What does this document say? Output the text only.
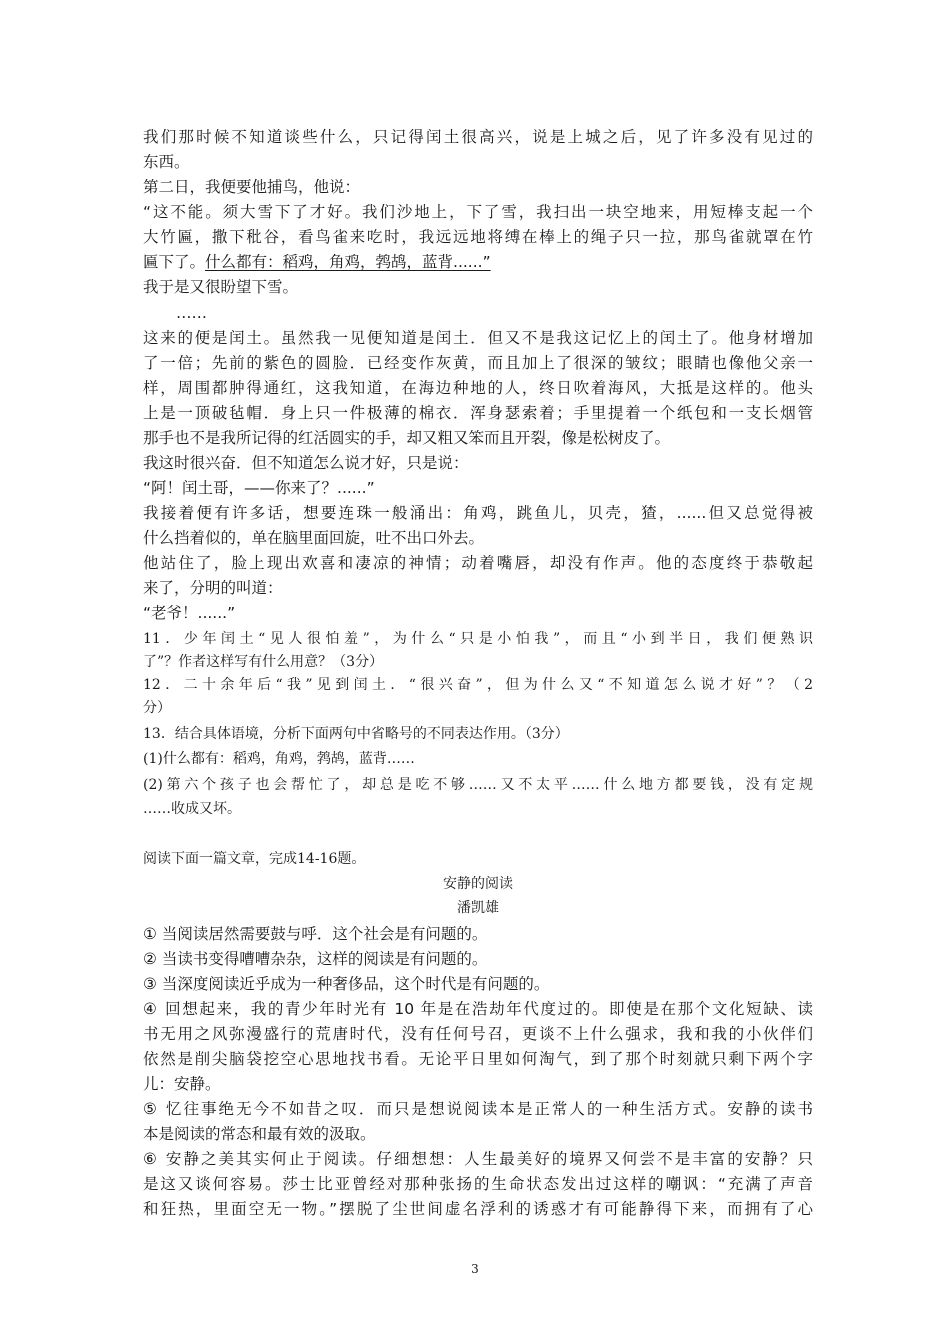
我们那时候不知道谈些什么，只记得闰土很高兴，说是上城之后，见了许多没有见过的
东西。
第二日，我便要他捕鸟，他说：
“这不能。须大雪下了才好。我们沙地上，下了雪，我扫出一块空地来，用短棒支起一个
大竹匾，撒下秕谷，看鸟雀来吃时，我远远地将缚在棒上的绳子只一拉，那鸟雀就罩在竹
匾下了。什么都有：稻鸡，角鸡，鹁鸪，蓝背......”
我于是又很盼望下雪。
……
这来的便是闰土。虽然我一见便知道是闰土．但又不是我这记忆上的闰土了。他身材增加
了一倍；先前的紫色的圆脸．已经变作灰黄，而且加上了很深的皱纹；眼睛也像他父亲一
样，周围都肿得通红，这我知道，在海边种地的人，终日吹着海风，大抵是这样的。他头
上是一顶破毡帽．身上只一件极薄的棉衣．浑身瑟索着；手里提着一个纸包和一支长烟管
那手也不是我所记得的红活圆实的手，却又粗又笨而且开裂，像是松树皮了。
我这时很兴奋．但不知道怎么说才好，只是说：
“阿！闰土哥，——你来了？......”
我接着便有许多话，想要连珠一般涌出：角鸡，跳鱼儿，贝壳，猹，......但又总觉得被
什么挡着似的，单在脑里面回旋，吐不出口外去。
他站住了，脸上现出欢喜和凄凉的神情；动着嘴唇，却没有作声。他的态度终于恭敬起
来了，分明的叫道：
“老爷！......”
11．少年闰土“见人很怕羞”，为什么“只是小怕我”，而且“小到半日，我们便熟识
了”？作者这样写有什么用意？（3分）
12．二十余年后“我”见到闰土．“很兴奋”，但为什么又“不知道怎么说才好”？（2
分）
13．结合具体语境，分析下面两句中省略号的不同表达作用。（3分）
(1)什么都有：稻鸡，角鸡，鹁鸪，蓝背……
(2)第六个孩子也会帮忙了，却总是吃不够……又不太平……什么地方都要钱，没有定规
……收成又坏。
阅读下面一篇文章，完成14-16题。
安静的阅读
潘凯雄
① 当阅读居然需要鼓与呼．这个社会是有问题的。
② 当读书变得嘈嘈杂杂，这样的阅读是有问题的。
③ 当深度阅读近乎成为一种奢侈品，这个时代是有问题的。
④ 回想起来，我的青少年时光有 10 年是在浩劫年代度过的。即使是在那个文化短缺、读
书无用之风弥漫盛行的荒唐时代，没有任何号召，更谈不上什么强求，我和我的小伙伴们
依然是削尖脑袋挖空心思地找书看。无论平日里如何淘气，到了那个时刻就只剩下两个字
儿：安静。
⑤ 忆往事绝无今不如昔之叹．而只是想说阅读本是正常人的一种生活方式。安静的读书
本是阅读的常态和最有效的汲取。
⑥ 安静之美其实何止于阅读。仔细想想：人生最美好的境界又何尝不是丰富的安静？只
是这又谈何容易。莎士比亚曾经对那种张扬的生命状态发出过这样的嘲讽：“充满了声音
和狂热，里面空无一物。”摆脱了尘世间虚名浮利的诱惑才有可能静得下来，而拥有了心
3
